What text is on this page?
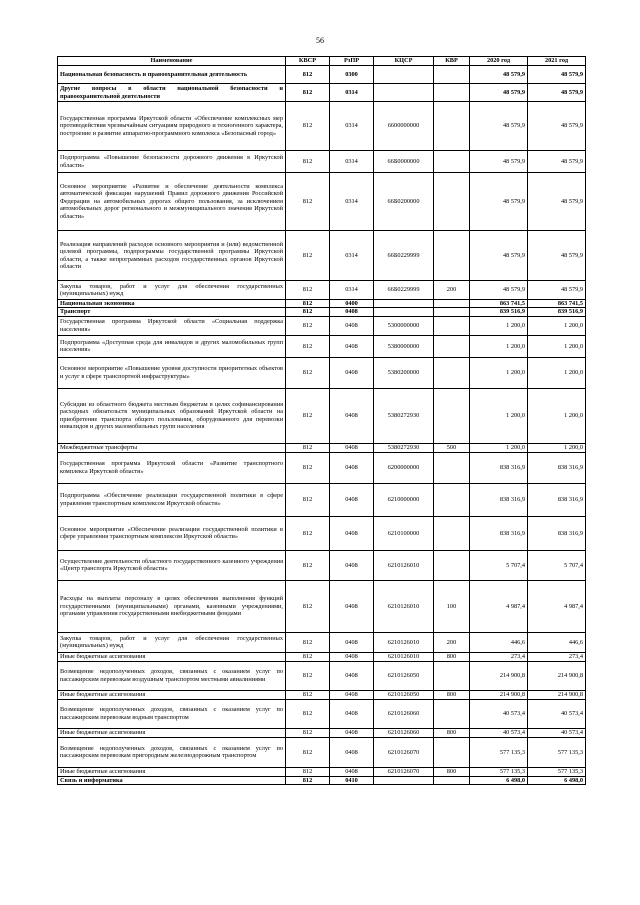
56
Наименование	КВСР	РзПР	КЦСР	КВР	2020 год	2021 год
Национальная безопасность и правоохранительная деятельность	812	0300			48 579,9	48 579,9
Другие вопросы в области национальной безопасности и правоохранительной деятельности	812	0314			48 579,9	48 579,9
Государственная программа Иркутской области «Обеспечение комплексных мер противодействия чрезвычайным ситуациям природного и техногенного характера, построение и развитие аппаратно-программного комплекса «Безопасный город»	812	0314	6600000000		48 579,9	48 579,9
Подпрограмма «Повышение безопасности дорожного движения в Иркутской области»	812	0314	66Б0000000		48 579,9	48 579,9
Основное мероприятие «Развитие и обеспечение деятельности комплекса автоматической фиксации нарушений Правил дорожного движения Российской Федерации на автомобильных дорогах общего пользования, за исключением автомобильных дорог регионального и межмуниципального значения Иркутской области»	812	0314	66Б0200000		48 579,9	48 579,9
Реализация направлений расходов основного мероприятия и (или) ведомственной целевой программы, подпрограммы государственной программы Иркутской области, а также непрограммных расходов государственных органов Иркутской области	812	0314	66Б0229999		48 579,9	48 579,9
Закупка товаров, работ и услуг для обеспечения государственных (муниципальных) нужд	812	0314	66Б0229999	200	48 579,9	48 579,9
Национальная экономика	812	0400			863 741,5	863 741,5
Транспорт	812	0408			839 516,9	839 516,9
Государственная программа Иркутской области «Социальная поддержка населения»	812	0408	5300000000		1 200,0	1 200,0
Подпрограмма «Доступная среда для инвалидов и других маломобильных групп населения»	812	0408	5380000000		1 200,0	1 200,0
Основное мероприятие «Повышение уровня доступности приоритетных объектов и услуг в сфере транспортной инфраструктуры»	812	0408	5380200000		1 200,0	1 200,0
Субсидии из областного бюджета местным бюджетам в целях софинансирования расходных обязательств муниципальных образований Иркутской области на приобретение транспорта общего пользования, оборудованного для перевозки инвалидов и других маломобильных групп населения	812	0408	5380272930		1 200,0	1 200,0
Межбюджетные трансферты	812	0408	5380272930	500	1 200,0	1 200,0
Государственная программа Иркутской области «Развитие транспортного комплекса Иркутской области»	812	0408	6200000000		838 316,9	838 316,9
Подпрограмма «Обеспечение реализации государственной политики в сфере управления транспортным комплексом Иркутской области»	812	0408	6210000000		838 316,9	838 316,9
Основное мероприятие «Обеспечение реализации государственной политики в сфере управления транспортным комплексом Иркутской области»	812	0408	6210100000		838 316,9	838 316,9
Осуществление деятельности областного государственного казенного учреждения «Центр транспорта Иркутской области»	812	0408	6210126010		5 707,4	5 707,4
Расходы на выплаты персоналу в целях обеспечения выполнения функций государственными (муниципальными) органами, казенными учреждениями, органами управления государственными внебюджетными фондами	812	0408	6210126010	100	4 987,4	4 987,4
Закупка товаров, работ и услуг для обеспечения государственных (муниципальных) нужд	812	0408	6210126010	200	446,6	446,6
Иные бюджетные ассигнования	812	0408	6210126010	800	273,4	273,4
Возмещение недополученных доходов, связанных с оказанием услуг по пассажирским перевозкам воздушным транспортом местными авиалиниями	812	0408	6210126050		214 900,8	214 900,8
Иные бюджетные ассигнования	812	0408	6210126050	800	214 900,8	214 900,8
Возмещение недополученных доходов, связанных с оказанием услуг по пассажирским перевозкам водным транспортом	812	0408	6210126060		40 573,4	40 573,4
Иные бюджетные ассигнования	812	0408	6210126060	800	40 573,4	40 573,4
Возмещение недополученных доходов, связанных с оказанием услуг по пассажирским перевозкам пригородным железнодорожным транспортом	812	0408	6210126070		577 135,3	577 135,3
Иные бюджетные ассигнования	812	0408	6210126070	800	577 135,3	577 135,3
Связь и информатика	812	0410			6 498,0	6 498,0
